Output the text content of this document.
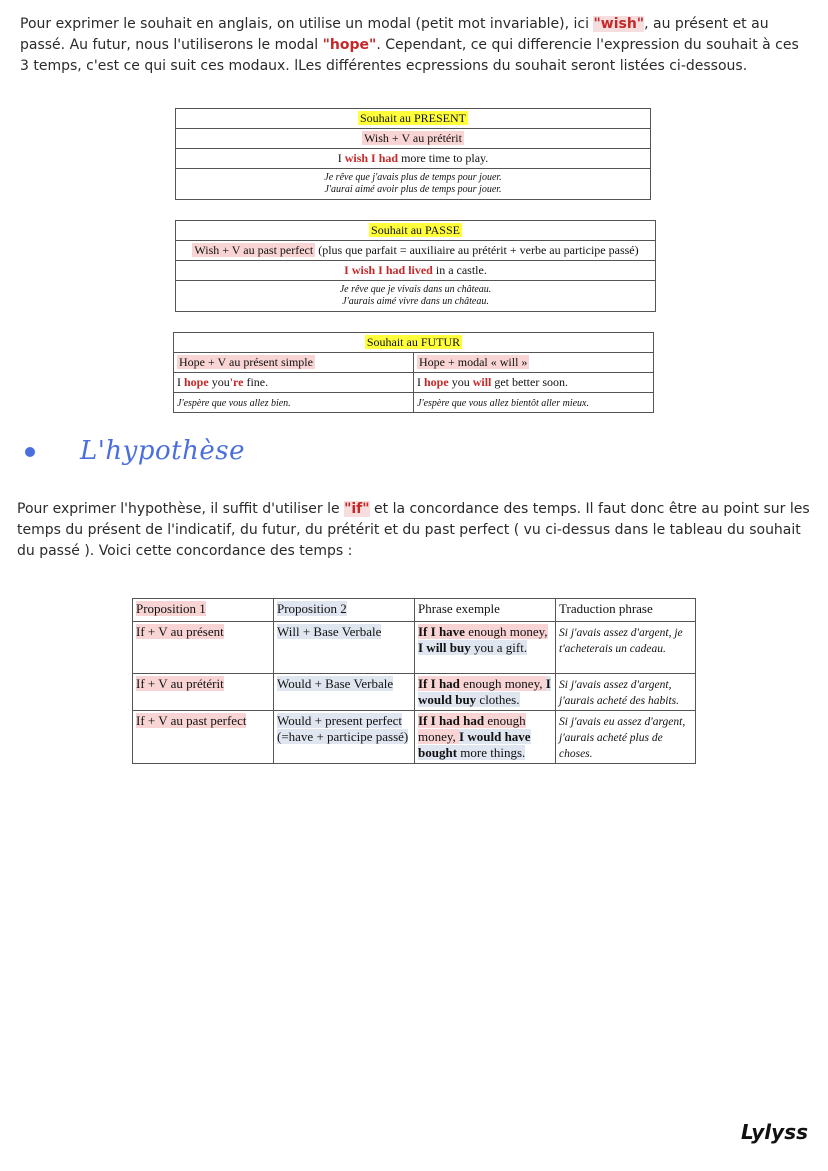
Pour exprimer le souhait en anglais, on utilise un modal (petit mot invariable), ici "wish", au présent et au passé. Au futur, nous l'utiliserons le modal "hope". Cependant, ce qui differencie l'expression du souhait à ces 3 temps, c'est ce qui suit ces modaux. lLes différentes ecpressions du souhait seront listées ci-dessous.
Souhait au PRESENT
Wish + V au prétérit
I wish I had more time to play.

Je rêve que j'avais plus de temps pour jouer.
J'aurai aimé avoir plus de temps pour jouer.
Souhait au PASSE
Wish + V au past perfect (plus que parfait = auxiliaire au prétérit + verbe au participe passé)
I wish I had lived in a castle.

Je rêve que je vivais dans un château.
J'aurais aimé vivre dans un château.
Souhait au FUTUR	
Hope + V au présent simple	Hope + modal « will »
I hope you're fine.	I hope you will get better soon.
J'espère que vous allez bien.	J'espère que vous allez bientôt aller mieux.
L'hypothèse
Pour exprimer l'hypothèse, il suffit d'utiliser le "if" et la concordance des temps. Il faut donc être au point sur les temps du présent de l'indicatif, du futur, du prétérit et du past perfect ( vu ci-dessus dans le tableau du souhait du passé ). Voici cette concordance des temps :
Proposition 1	Proposition 2	Phrase exemple	Traduction phrase
If + V au présent	Will + Base Verbale	If I have enough money, I will buy you a gift.	Si j'avais assez d'argent, je t'acheterais un cadeau.
If + V au prétérit	Would + Base Verbale	If I had enough money, I would buy clothes.	Si j'avais assez d'argent, j'aurais acheté des habits.
If + V au past perfect	Would + present perfect (=have + participe passé)	If I had had enough money, I would have bought more things.	Si j'avais eu assez d'argent, j'aurais acheté plus de choses.
Lylyss
